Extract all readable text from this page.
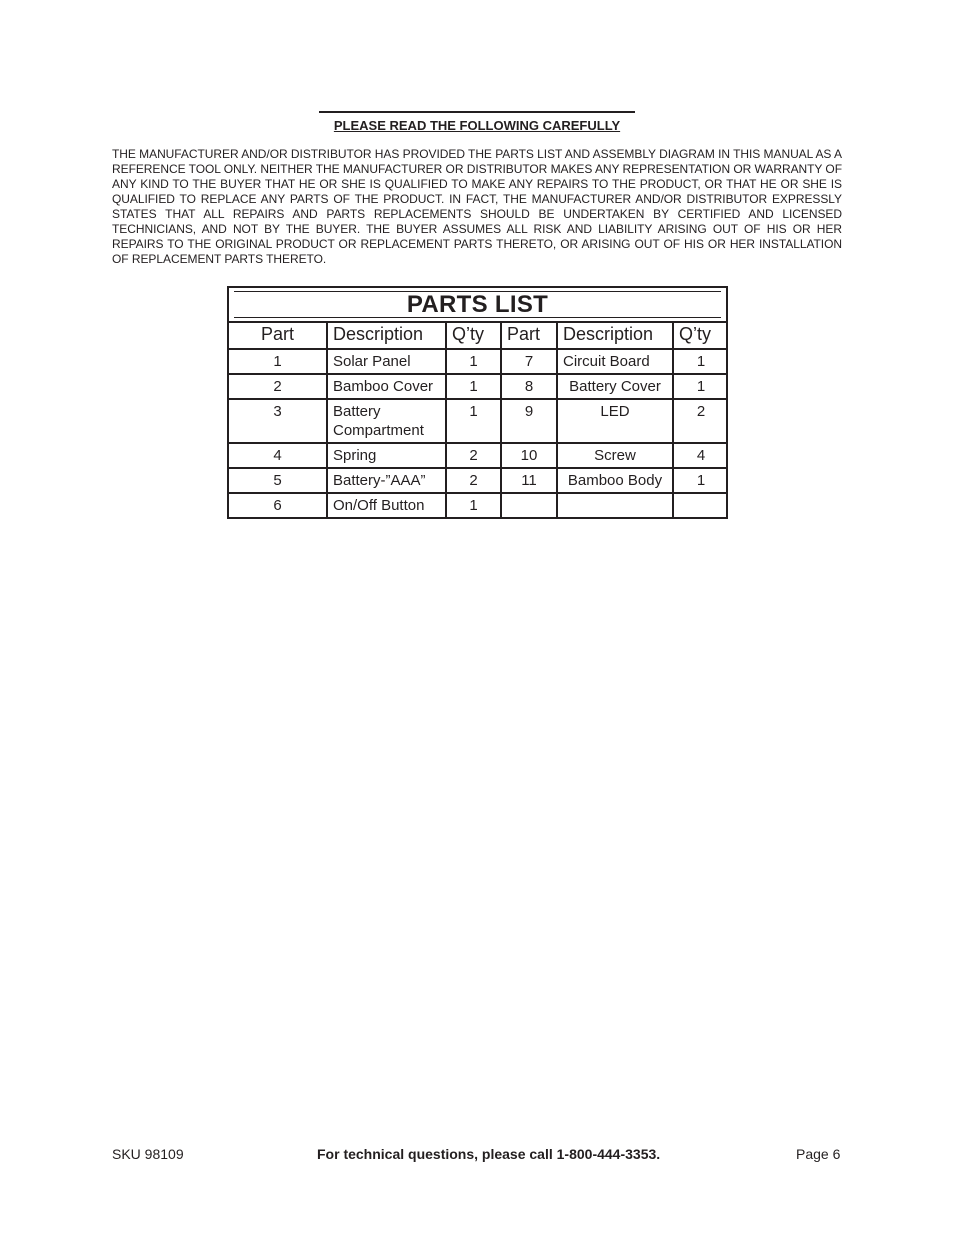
PLEASE READ THE FOLLOWING CAREFULLY
THE MANUFACTURER AND/OR DISTRIBUTOR HAS PROVIDED THE PARTS LIST AND ASSEMBLY DIAGRAM IN THIS MANUAL AS A REFERENCE TOOL ONLY. NEITHER THE MANUFACTURER OR DISTRIBUTOR MAKES ANY REPRESENTATION OR WARRANTY OF ANY KIND TO THE BUYER THAT HE OR SHE IS QUALIFIED TO MAKE ANY REPAIRS TO THE PRODUCT, OR THAT HE OR SHE IS QUALIFIED TO REPLACE ANY PARTS OF THE PRODUCT. IN FACT, THE MANUFACTURER AND/OR DISTRIBUTOR EXPRESSLY STATES THAT ALL REPAIRS AND PARTS REPLACEMENTS SHOULD BE UNDERTAKEN BY CERTIFIED AND LICENSED TECHNICIANS, AND NOT BY THE BUYER. THE BUYER ASSUMES ALL RISK AND LIABILITY ARISING OUT OF HIS OR HER REPAIRS TO THE ORIGINAL PRODUCT OR REPLACEMENT PARTS THERETO, OR ARISING OUT OF HIS OR HER INSTALLATION OF REPLACEMENT PARTS THERETO.
PARTS LIST
Part	Description	Q’ty	Part	Description	Q’ty
1	Solar Panel	1	7	Circuit Board	1
2	Bamboo Cover	1	8	Battery Cover	1
3	Battery Compartment	1	9	LED	2
4	Spring	2	10	Screw	4
5	Battery-”AAA”	2	11	Bamboo Body	1
6	On/Off Button	1			
SKU 98109	For technical questions, please call 1-800-444-3353.	Page 6
